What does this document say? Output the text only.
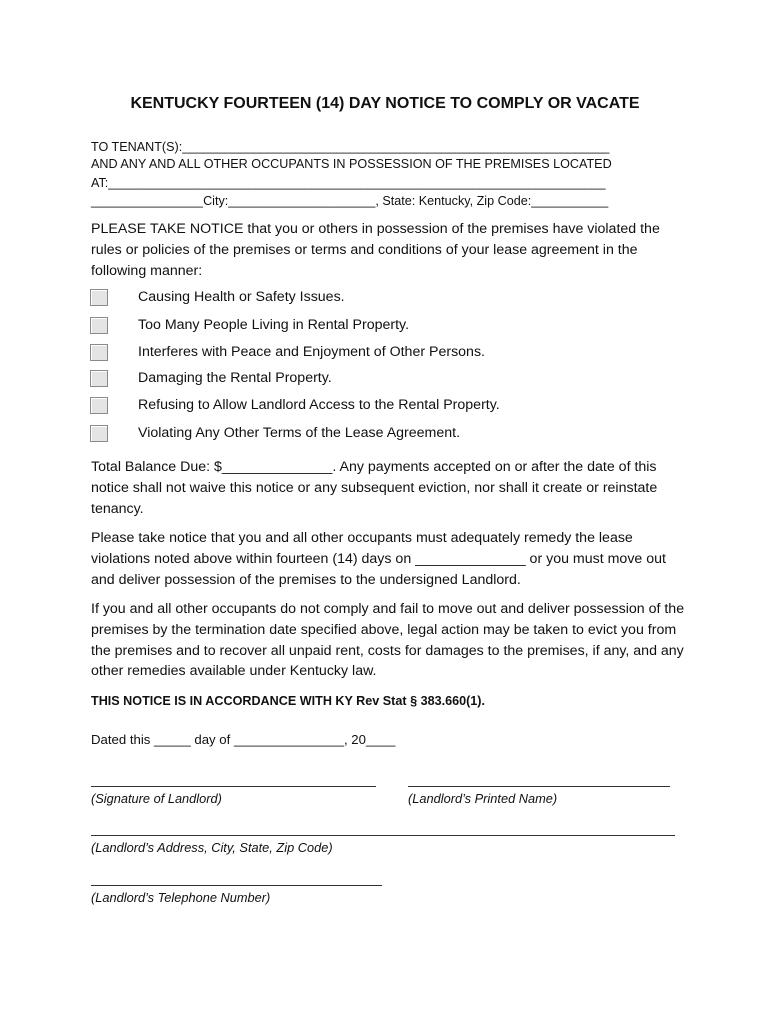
KENTUCKY FOURTEEN (14) DAY NOTICE TO COMPLY OR VACATE
TO TENANT(S):_____________________________________________________________
AND ANY AND ALL OTHER OCCUPANTS IN POSSESSION OF THE PREMISES LOCATED
AT:_______________________________________________________________________
________________City:_____________________, State: Kentucky, Zip Code:___________
PLEASE TAKE NOTICE that you or others in possession of the premises have violated the rules or policies of the premises or terms and conditions of your lease agreement in the following manner:
Causing Health or Safety Issues.
Too Many People Living in Rental Property.
Interferes with Peace and Enjoyment of Other Persons.
Damaging the Rental Property.
Refusing to Allow Landlord Access to the Rental Property.
Violating Any Other Terms of the Lease Agreement.
Total Balance Due: $______________. Any payments accepted on or after the date of this notice shall not waive this notice or any subsequent eviction, nor shall it create or reinstate tenancy.
Please take notice that you and all other occupants must adequately remedy the lease violations noted above within fourteen (14) days on ______________ or you must move out and deliver possession of the premises to the undersigned Landlord.
If you and all other occupants do not comply and fail to move out and deliver possession of the premises by the termination date specified above, legal action may be taken to evict you from the premises and to recover all unpaid rent, costs for damages to the premises, if any, and any other remedies available under Kentucky law.
THIS NOTICE IS IN ACCORDANCE WITH KY Rev Stat § 383.660(1).
Dated this _____ day of _______________, 20____
(Signature of Landlord)	(Landlord’s Printed Name)
(Landlord’s Address, City, State, Zip Code)
(Landlord’s Telephone Number)
